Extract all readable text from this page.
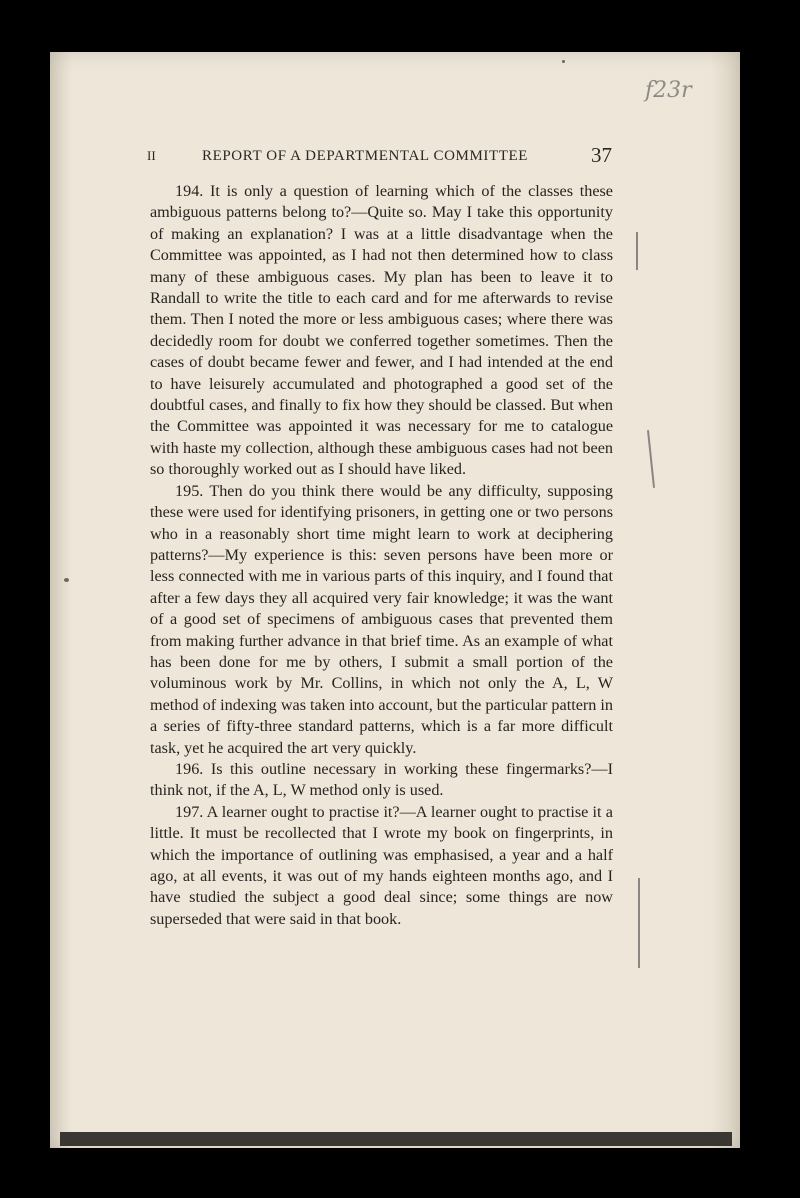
f23r
II	REPORT OF A DEPARTMENTAL COMMITTEE	37

194. It is only a question of learning which of the classes these ambiguous patterns belong to?—Quite so. May I take this opportunity of making an explanation? I was at a little disadvantage when the Committee was appointed, as I had not then determined how to class many of these ambiguous cases. My plan has been to leave it to Randall to write the title to each card and for me afterwards to revise them. Then I noted the more or less ambiguous cases; where there was decidedly room for doubt we conferred together sometimes. Then the cases of doubt became fewer and fewer, and I had intended at the end to have leisurely accumulated and photographed a good set of the doubtful cases, and finally to fix how they should be classed. But when the Committee was appointed it was necessary for me to catalogue with haste my collection, although these ambiguous cases had not been so thoroughly worked out as I should have liked.

195. Then do you think there would be any difficulty, supposing these were used for identifying prisoners, in getting one or two persons who in a reasonably short time might learn to work at deciphering patterns?—My experience is this: seven persons have been more or less connected with me in various parts of this inquiry, and I found that after a few days they all acquired very fair knowledge; it was the want of a good set of specimens of ambiguous cases that prevented them from making further advance in that brief time. As an example of what has been done for me by others, I submit a small portion of the voluminous work by Mr. Collins, in which not only the A, L, W method of indexing was taken into account, but the particular pattern in a series of fifty-three standard patterns, which is a far more difficult task, yet he acquired the art very quickly.

196. Is this outline necessary in working these fingermarks?—I think not, if the A, L, W method only is used.

197. A learner ought to practise it?—A learner ought to practise it a little. It must be recollected that I wrote my book on fingerprints, in which the importance of outlining was emphasised, a year and a half ago, at all events, it was out of my hands eighteen months ago, and I have studied the subject a good deal since; some things are now superseded that were said in that book.
